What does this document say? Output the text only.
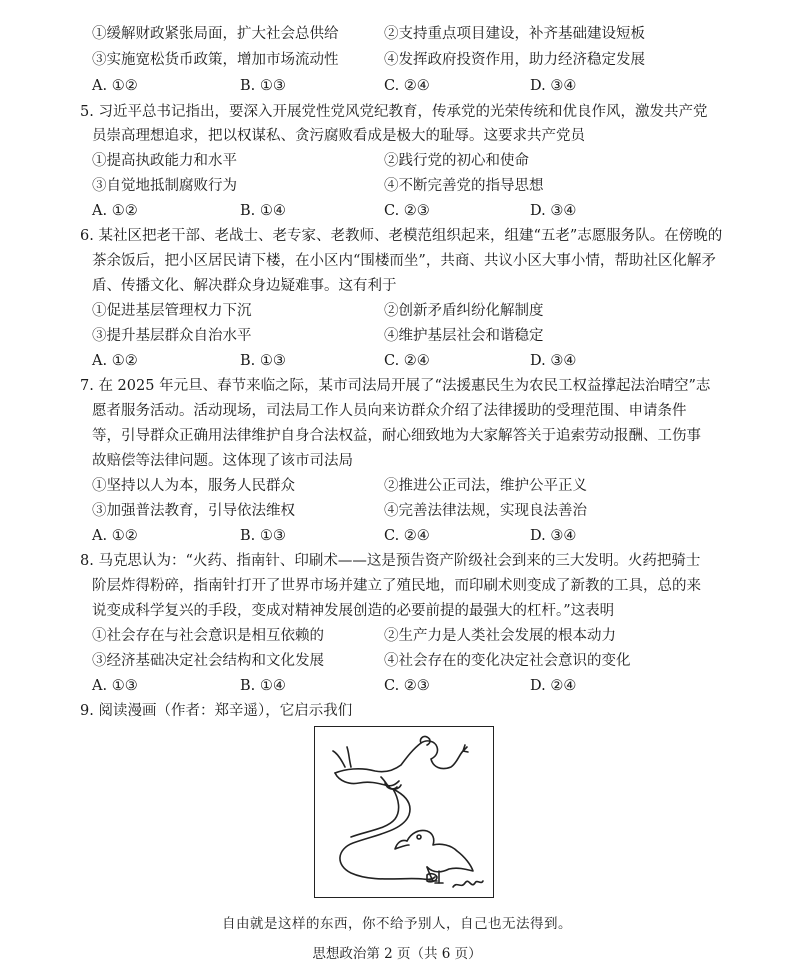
①缓解财政紧张局面，扩大社会总供给	②支持重点项目建设，补齐基础建设短板
③实施宽松货币政策，增加市场流动性	④发挥政府投资作用，助力经济稳定发展
A. ①②	B. ①③	C. ②④	D. ③④
5. 习近平总书记指出，要深入开展党性党风党纪教育，传承党的光荣传统和优良作风，激发共产党
员崇高理想追求，把以权谋私、贪污腐败看成是极大的耻辱。这要求共产党员
①提高执政能力和水平	②践行党的初心和使命
③自觉地抵制腐败行为	④不断完善党的指导思想
A. ①②	B. ①④	C. ②③	D. ③④
6. 某社区把老干部、老战士、老专家、老教师、老模范组织起来，组建“五老”志愿服务队。在傍晚的
茶余饭后，把小区居民请下楼，在小区内“围楼而坐”，共商、共议小区大事小情，帮助社区化解矛
盾、传播文化、解决群众身边疑难事。这有利于
①促进基层管理权力下沉	②创新矛盾纠纷化解制度
③提升基层群众自治水平	④维护基层社会和谐稳定
A. ①②	B. ①③	C. ②④	D. ③④
7. 在 2025 年元旦、春节来临之际，某市司法局开展了“法援惠民生为农民工权益撑起法治晴空”志
愿者服务活动。活动现场，司法局工作人员向来访群众介绍了法律援助的受理范围、申请条件
等，引导群众正确用法律维护自身合法权益，耐心细致地为大家解答关于追索劳动报酬、工伤事
故赔偿等法律问题。这体现了该市司法局
①坚持以人为本，服务人民群众	②推进公正司法，维护公平正义
③加强普法教育，引导依法维权	④完善法律法规，实现良法善治
A. ①②	B. ①③	C. ②④	D. ③④
8. 马克思认为：“火药、指南针、印刷术——这是预告资产阶级社会到来的三大发明。火药把骑士
阶层炸得粉碎，指南针打开了世界市场并建立了殖民地，而印刷术则变成了新教的工具，总的来
说变成科学复兴的手段，变成对精神发展创造的必要前提的最强大的杠杆。”这表明
①社会存在与社会意识是相互依赖的	②生产力是人类社会发展的根本动力
③经济基础决定社会结构和文化发展	④社会存在的变化决定社会意识的变化
A. ①③	B. ①④	C. ②③	D. ②④
9. 阅读漫画（作者：郑辛遥），它启示我们
自由就是这样的东西，你不给予别人，自己也无法得到。
思想政治第 2 页（共 6 页）
